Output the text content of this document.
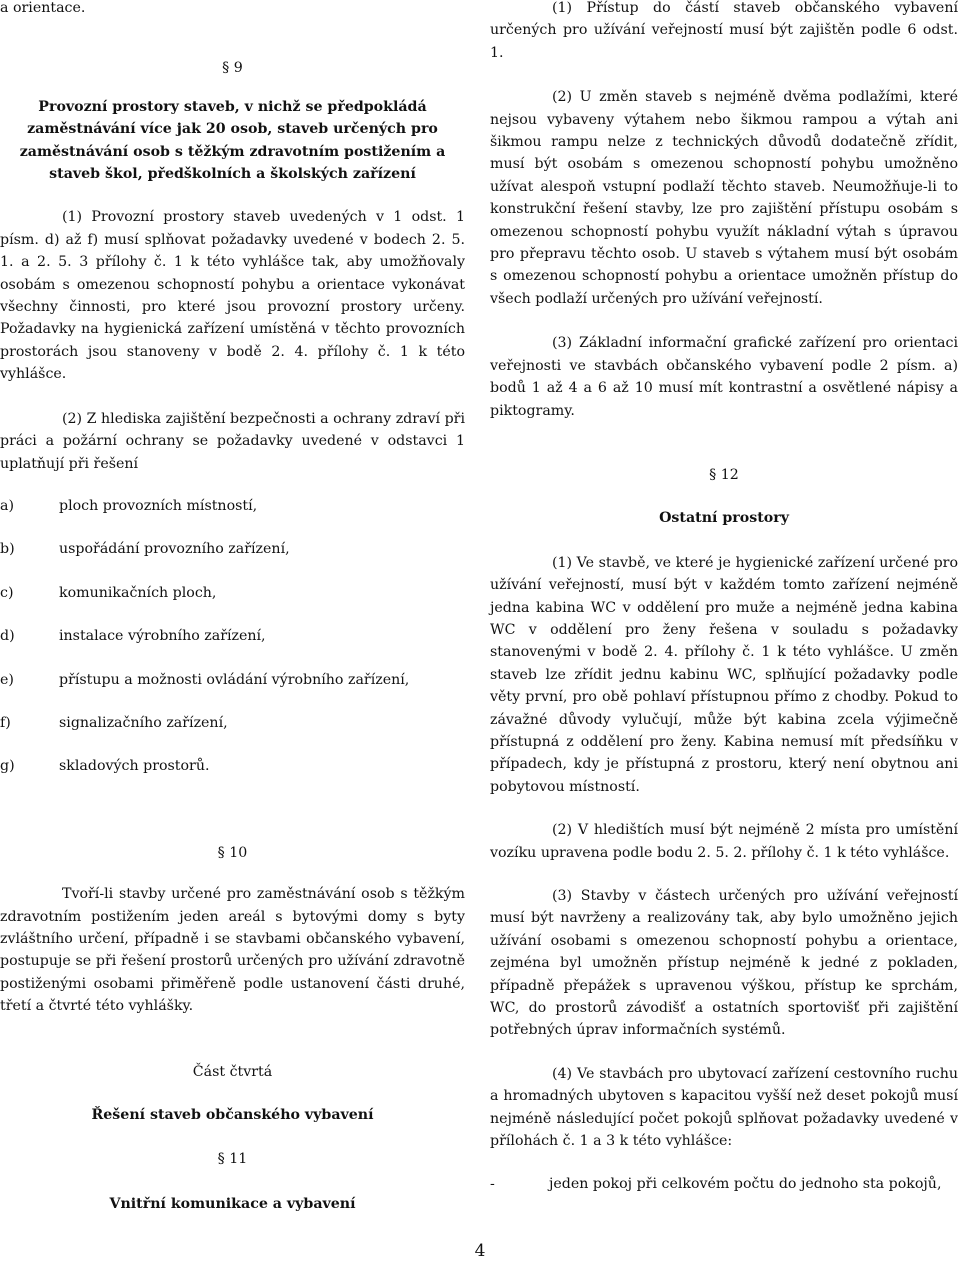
a orientace.

§ 9

Provozní prostory staveb, v nichž se předpokládá zaměstnávání více jak 20 osob, staveb určených pro zaměstnávání osob s těžkým zdravotním postižením a staveb škol, předškolních a školských zařízení

(1) Provozní prostory staveb uvedených v 1 odst. 1 písm. d) až f) musí splňovat požadavky uvedené v bodech 2. 5. 1. a 2. 5. 3 přílohy č. 1 k této vyhlášce tak, aby umožňovaly osobám s omezenou schopností pohybu a orientace vykonávat všechny činnosti, pro které jsou provozní prostory určeny. Požadavky na hygienická zařízení umístěná v těchto provozních prostorách jsou stanoveny v bodě 2. 4. přílohy č. 1 k této vyhlášce.

(2) Z hlediska zajištění bezpečnosti a ochrany zdraví při práci a požární ochrany se požadavky uvedené v odstavci 1 uplatňují při řešení

a)	ploch provozních místností,
b)	uspořádání provozního zařízení,
c)	komunikačních ploch,
d)	instalace výrobního zařízení,
e)	přístupu a možnosti ovládání výrobního zařízení,
f)	signalizačního zařízení,
g)	skladových prostorů.

§ 10

Tvoří-li stavby určené pro zaměstnávání osob s těžkým zdravotním postižením jeden areál s bytovými domy s byty zvláštního určení, případně i se stavbami občanského vybavení, postupuje se při řešení prostorů určených pro užívání zdravotně postiženými osobami přiměřeně podle ustanovení části druhé, třetí a čtvrté této vyhlášky.

Část čtvrtá

Řešení staveb občanského vybavení

§ 11

Vnitřní komunikace a vybavení

(1) Přístup do částí staveb občanského vybavení určených pro užívání veřejností musí být zajištěn podle 6 odst. 1.

(2) U změn staveb s nejméně dvěma podlažími, které nejsou vybaveny výtahem nebo šikmou rampou a výtah ani šikmou rampu nelze z technických důvodů dodatečně zřídit, musí být osobám s omezenou schopností pohybu umožněno užívat alespoň vstupní podlaží těchto staveb. Neumožňuje-li to konstrukční řešení stavby, lze pro zajištění přístupu osobám s omezenou schopností pohybu využít nákladní výtah s úpravou pro přepravu těchto osob. U staveb s výtahem musí být osobám s omezenou schopností pohybu a orientace umožněn přístup do všech podlaží určených pro užívání veřejností.

(3) Základní informační grafické zařízení pro orientaci veřejnosti ve stavbách občanského vybavení podle 2 písm. a) bodů 1 až 4 a 6 až 10 musí mít kontrastní a osvětlené nápisy a piktogramy.

§ 12

Ostatní prostory

(1) Ve stavbě, ve které je hygienické zařízení určené pro užívání veřejností, musí být v každém tomto zařízení nejméně jedna kabina WC v oddělení pro muže a nejméně jedna kabina WC v oddělení pro ženy řešena v souladu s požadavky stanovenými v bodě 2. 4. přílohy č. 1 k této vyhlášce. U změn staveb lze zřídit jednu kabinu WC, splňující požadavky podle věty první, pro obě pohlaví přístupnou přímo z chodby. Pokud to závažné důvody vylučují, může být kabina zcela výjimečně přístupná z oddělení pro ženy. Kabina nemusí mít předsíňku v případech, kdy je přístupná z prostoru, který není obytnou ani pobytovou místností.

(2) V hledištích musí být nejméně 2 místa pro umístění vozíku upravena podle bodu 2. 5. 2. přílohy č. 1 k této vyhlášce.

(3) Stavby v částech určených pro užívání veřejností musí být navrženy a realizovány tak, aby bylo umožněno jejich užívání osobami s omezenou schopností pohybu a orientace, zejména byl umožněn přístup nejméně k jedné z pokladen, případně přepážek s upravenou výškou, přístup ke sprchám, WC, do prostorů závodišť a ostatních sportovišť při zajištění potřebných úprav informačních systémů.

(4) Ve stavbách pro ubytovací zařízení cestovního ruchu a hromadných ubytoven s kapacitou vyšší než deset pokojů musí nejméně následující počet pokojů splňovat požadavky uvedené v přílohách č. 1 a 3 k této vyhlášce:

-	jeden pokoj při celkovém počtu do jednoho sta pokojů,
4
